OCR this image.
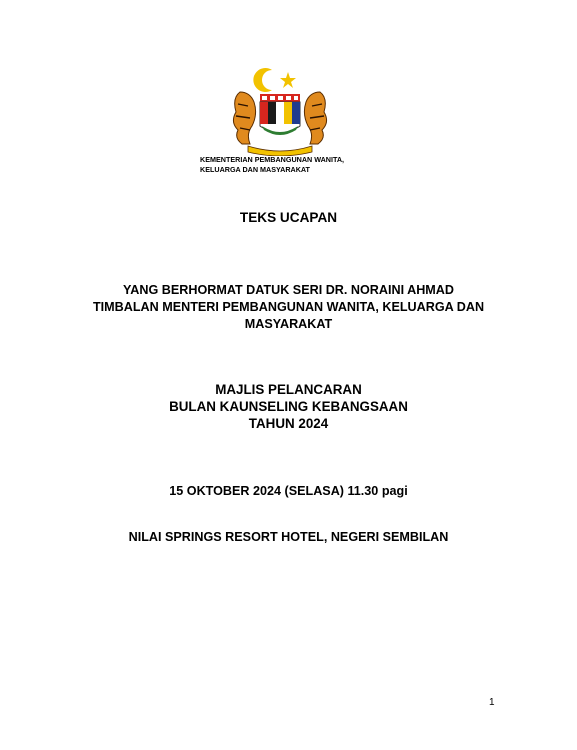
KEMENTERIAN PEMBANGUNAN WANITA,
KELUARGA DAN MASYARAKAT
TEKS UCAPAN
YANG BERHORMAT DATUK SERI DR. NORAINI AHMAD
TIMBALAN MENTERI PEMBANGUNAN WANITA, KELUARGA DAN
MASYARAKAT
MAJLIS PELANCARAN
BULAN KAUNSELING KEBANGSAAN
TAHUN 2024
15 OKTOBER 2024 (SELASA) 11.30 pagi
NILAI SPRINGS RESORT HOTEL, NEGERI SEMBILAN
1
